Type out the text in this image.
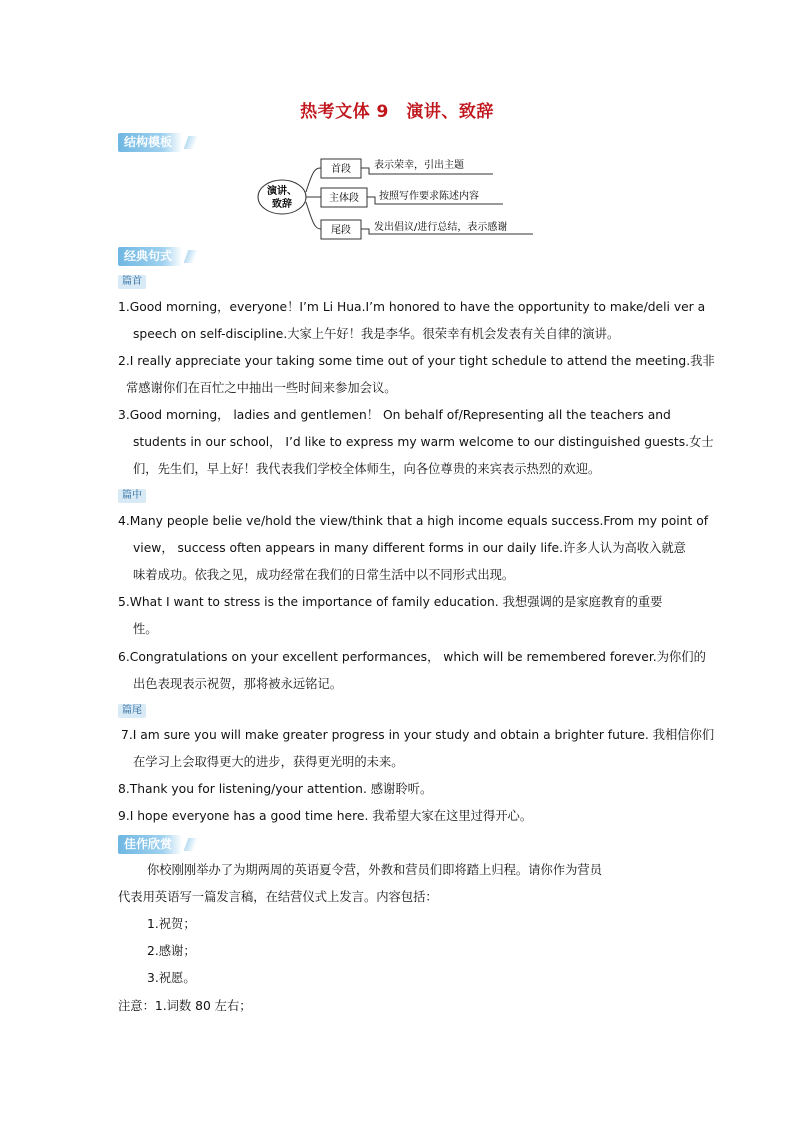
热考文体 9　演讲、致辞
结构模板
演讲、
致辞
首段
主体段
尾段
表示荣幸，引出主题
按照写作要求陈述内容
发出倡议/进行总结，表示感谢
经典句式
篇首
1.Good morning，everyone！I’m Li Hua.I’m honored to have the opportunity to make/deli ver a
speech on self-discipline.大家上午好！我是李华。很荣幸有机会发表有关自律的演讲。
2.I really appreciate your taking some time out of your tight schedule to attend the meeting.我非
常感谢你们在百忙之中抽出一些时间来参加会议。
3.Good morning， ladies and gentlemen！ On behalf of/Representing all the teachers and
students in our school， I’d like to express my warm welcome to our distinguished guests.女士
们，先生们，早上好！我代表我们学校全体师生，向各位尊贵的来宾表示热烈的欢迎。
篇中
4.Many people belie ve/hold the view/think that a high income equals success.From my point of
view， success often appears in many different forms in our daily life.许多人认为高收入就意
味着成功。依我之见，成功经常在我们的日常生活中以不同形式出现。
5.What I want to stress is the importance of family education. 我想强调的是家庭教育的重要
性。
6.Congratulations on your excellent performances， which will be remembered forever.为你们的
出色表现表示祝贺，那将被永远铭记。
篇尾
7.I am sure you will make greater progress in your study and obtain a brighter future. 我相信你们
在学习上会取得更大的进步，获得更光明的未来。
8.Thank you for listening/your attention. 感谢聆听。
9.I hope everyone has a good time here. 我希望大家在这里过得开心。
佳作欣赏
你校刚刚举办了为期两周的英语夏令营，外教和营员们即将踏上归程。请你作为营员
代表用英语写一篇发言稿，在结营仪式上发言。内容包括：
1.祝贺；
2.感谢；
3.祝愿。
注意：1.词数 80 左右；
